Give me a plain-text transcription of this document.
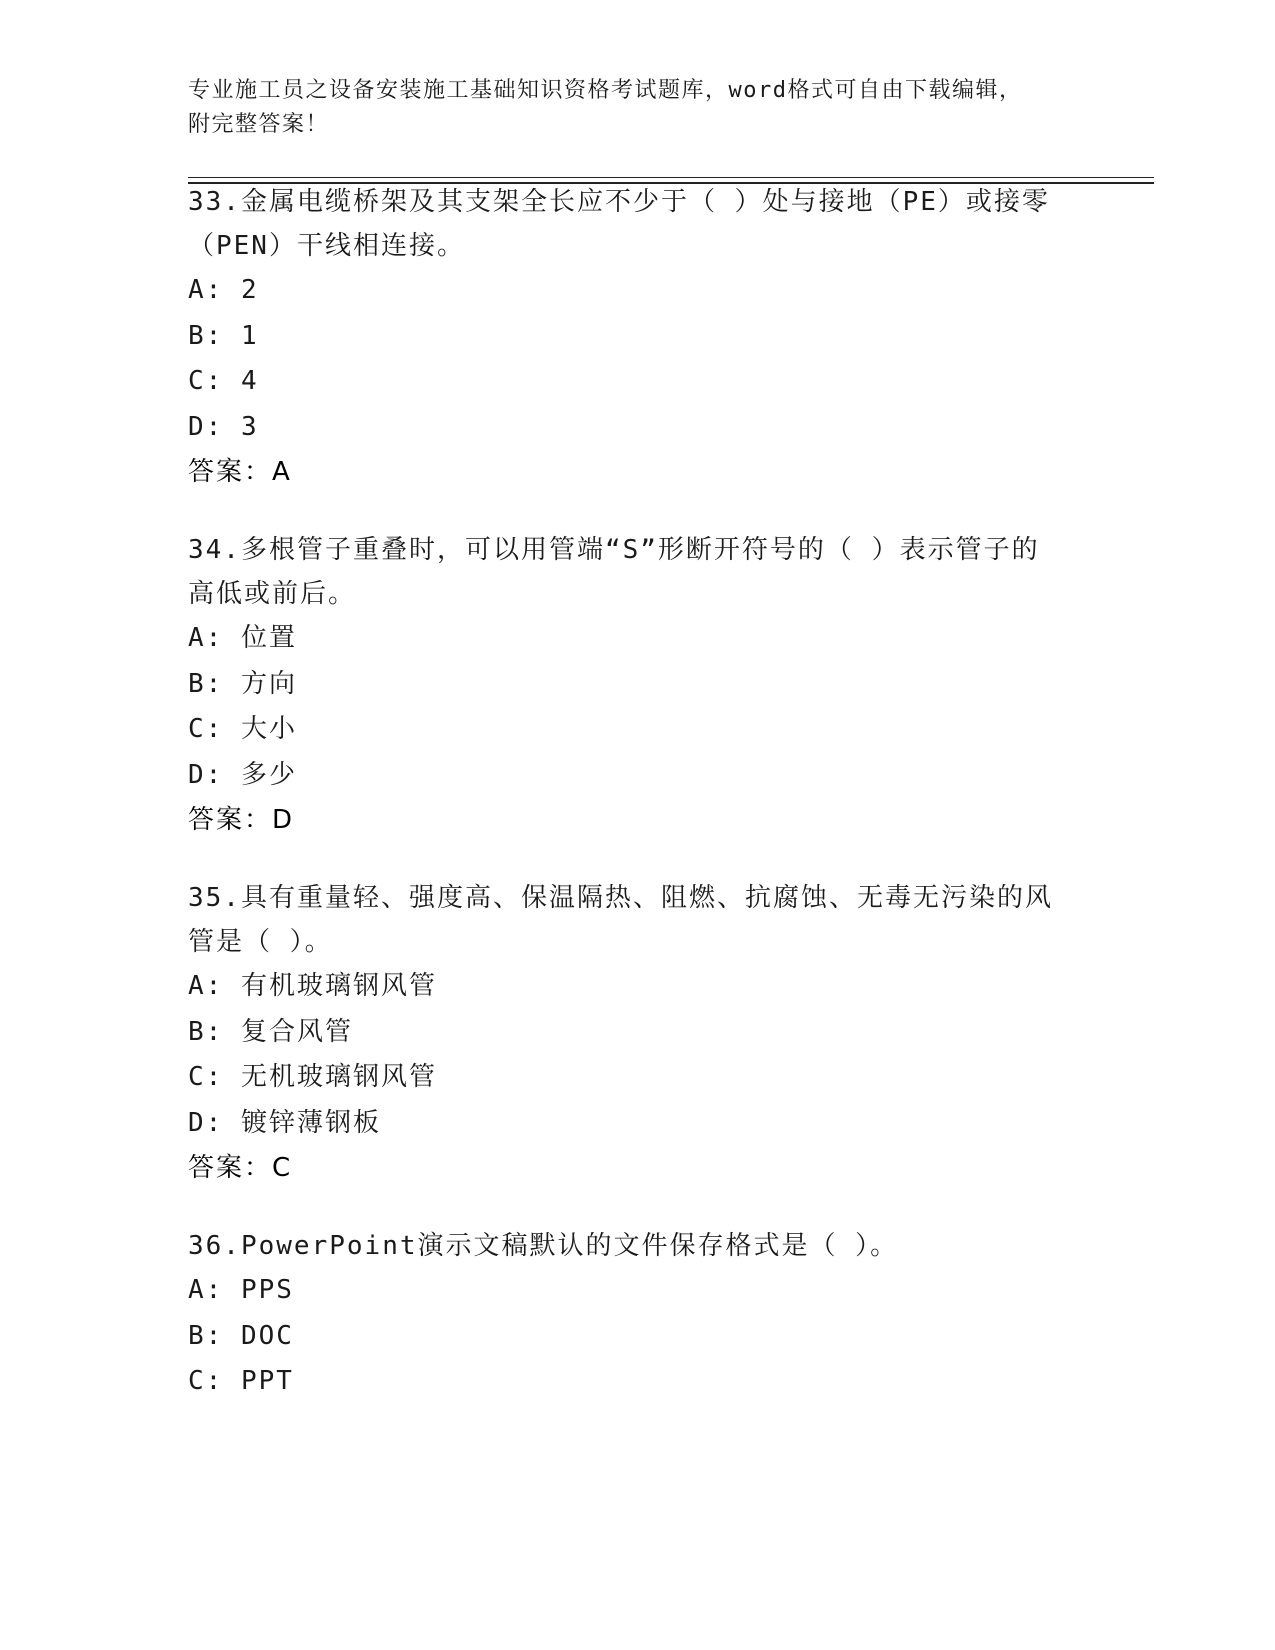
专业施工员之设备安装施工基础知识资格考试题库，word格式可自由下载编辑，
附完整答案！
33.金属电缆桥架及其支架全长应不少于（ ）处与接地（PE）或接零
（PEN）干线相连接。
A: 2
B: 1
C: 4
D: 3
答案：A
34.多根管子重叠时，可以用管端“S”形断开符号的（ ）表示管子的
高低或前后。
A: 位置
B: 方向
C: 大小
D: 多少
答案：D
35.具有重量轻、强度高、保温隔热、阻燃、抗腐蚀、无毒无污染的风
管是（ ）。
A: 有机玻璃钢风管
B: 复合风管
C: 无机玻璃钢风管
D: 镀锌薄钢板
答案：C
36.PowerPoint演示文稿默认的文件保存格式是（ ）。
A: PPS
B: DOC
C: PPT
